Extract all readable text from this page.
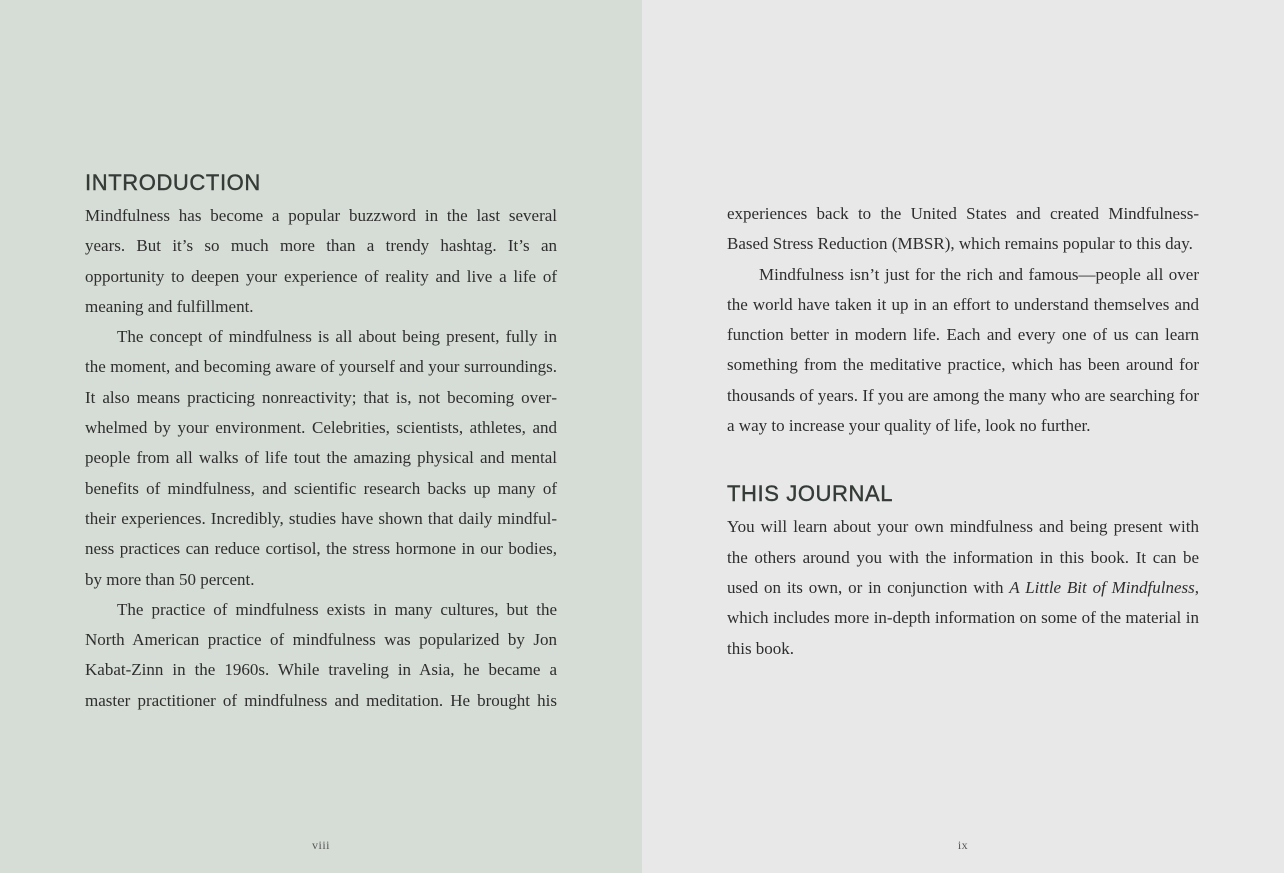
INTRODUCTION

Mindfulness has become a popular buzzword in the last several years. But it’s so much more than a trendy hashtag. It’s an opportunity to deepen your experience of reality and live a life of meaning and fulfillment.

The concept of mindfulness is all about being present, fully in the moment, and becoming aware of yourself and your surroundings. It also means practicing nonreactivity; that is, not becoming overwhelmed by your environment. Celebrities, scientists, athletes, and people from all walks of life tout the amazing physical and mental benefits of mindfulness, and scientific research backs up many of their experiences. Incredibly, studies have shown that daily mindfulness practices can reduce cortisol, the stress hormone in our bodies, by more than 50 percent.

The practice of mindfulness exists in many cultures, but the North American practice of mindfulness was popularized by Jon Kabat-Zinn in the 1960s. While traveling in Asia, he became a master practitioner of mindfulness and meditation. He brought his

viii

experiences back to the United States and created Mindfulness-Based Stress Reduction (MBSR), which remains popular to this day.

Mindfulness isn’t just for the rich and famous—people all over the world have taken it up in an effort to understand themselves and function better in modern life. Each and every one of us can learn something from the meditative practice, which has been around for thousands of years. If you are among the many who are searching for a way to increase your quality of life, look no further.

THIS JOURNAL

You will learn about your own mindfulness and being present with the others around you with the information in this book. It can be used on its own, or in conjunction with A Little Bit of Mindfulness, which includes more in-depth information on some of the material in this book.

ix
